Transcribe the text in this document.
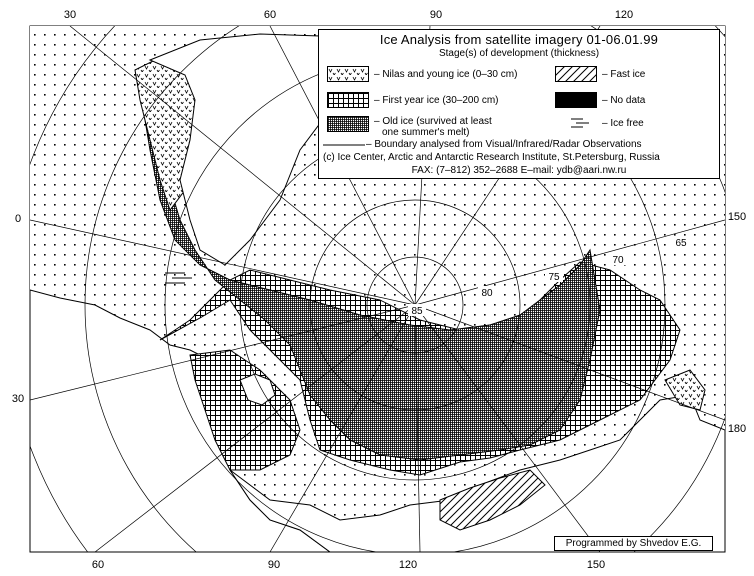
30	60	90	120
60	90	120	150
0
30
150
180
85
80
75
70
65
Ice Analysis from satellite imagery 01-06.01.99
Stage(s) of development (thickness)
– Nilas and young ice (0–30 cm)	– Fast ice
– First year ice (30–200 cm)	– No data
– Old ice (survived at least
one summer's melt)
– Ice free
– Boundary analysed from Visual/Infrared/Radar Observations
(c) Ice Center, Arctic and Antarctic Research Institute, St.Petersburg, Russia
FAX: (7–812) 352–2688 E–mail: ydb@aari.nw.ru
Programmed by Shvedov E.G.
